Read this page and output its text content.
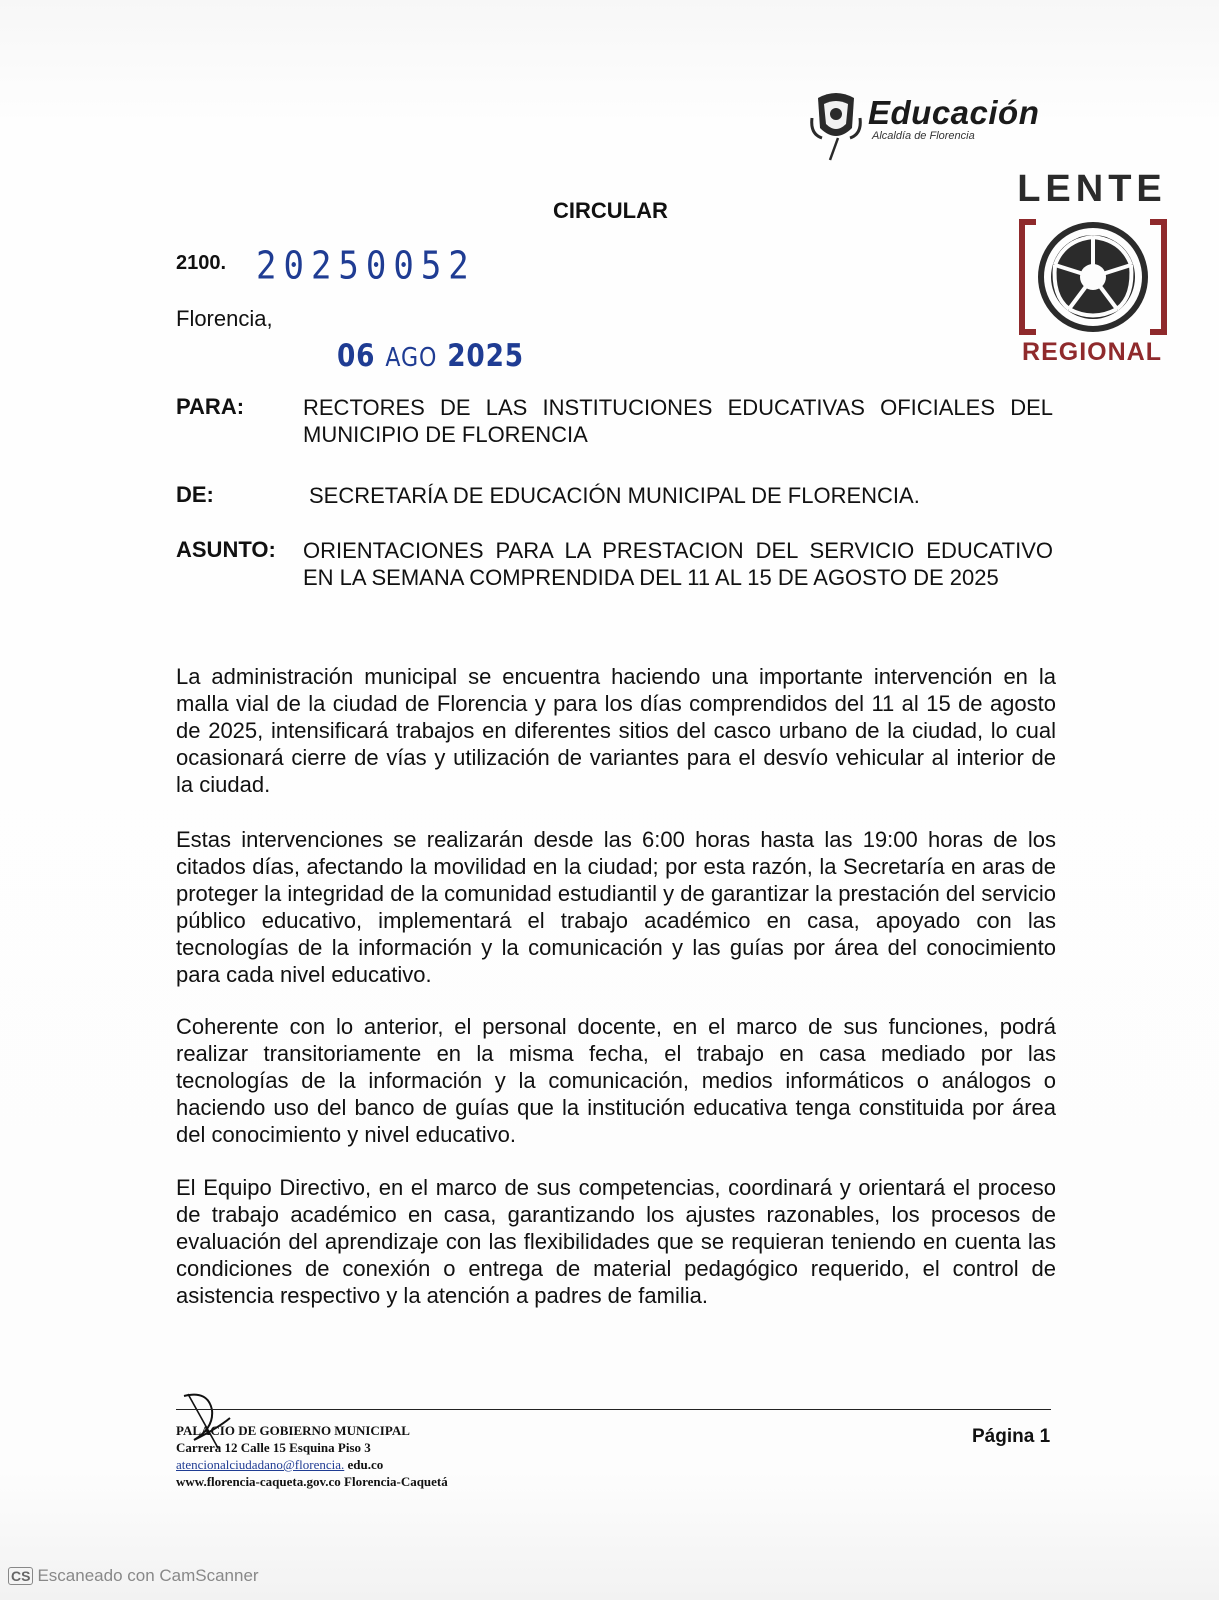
Educación
Alcaldía de Florencia
LENTE
REGIONAL
CIRCULAR
2100. 20250052
Florencia,
06 AGO 2025
PARA:	RECTORES DE LAS INSTITUCIONES EDUCATIVAS OFICIALES DEL MUNICIPIO DE FLORENCIA
DE:	SECRETARÍA DE EDUCACIÓN MUNICIPAL DE FLORENCIA.
ASUNTO: ORIENTACIONES PARA LA PRESTACION DEL SERVICIO EDUCATIVO EN LA SEMANA COMPRENDIDA DEL 11 AL 15 DE AGOSTO DE 2025

La administración municipal se encuentra haciendo una importante intervención en la malla vial de la ciudad de Florencia y para los días comprendidos del 11 al 15 de agosto de 2025, intensificará trabajos en diferentes sitios del casco urbano de la ciudad, lo cual ocasionará cierre de vías y utilización de variantes para el desvío vehicular al interior de la ciudad.

Estas intervenciones se realizarán desde las 6:00 horas hasta las 19:00 horas de los citados días, afectando la movilidad en la ciudad; por esta razón, la Secretaría en aras de proteger la integridad de la comunidad estudiantil y de garantizar la prestación del servicio público educativo, implementará el trabajo académico en casa, apoyado con las tecnologías de la información y la comunicación y las guías por área del conocimiento para cada nivel educativo.

Coherente con lo anterior, el personal docente, en el marco de sus funciones, podrá realizar transitoriamente en la misma fecha, el trabajo en casa mediado por las tecnologías de la información y la comunicación, medios informáticos o análogos o haciendo uso del banco de guías que la institución educativa tenga constituida por área del conocimiento y nivel educativo.

El Equipo Directivo, en el marco de sus competencias, coordinará y orientará el proceso de trabajo académico en casa, garantizando los ajustes razonables, los procesos de evaluación del aprendizaje con las flexibilidades que se requieran teniendo en cuenta las condiciones de conexión o entrega de material pedagógico requerido, el control de asistencia respectivo y la atención a padres de familia.

PALACIO DE GOBIERNO MUNICIPAL
Carrera 12 Calle 15 Esquina Piso 3
atencionalciudadano@florencia. edu.co
www.florencia-caqueta.gov.co Florencia-Caquetá
Página 1
CS Escaneado con CamScanner
